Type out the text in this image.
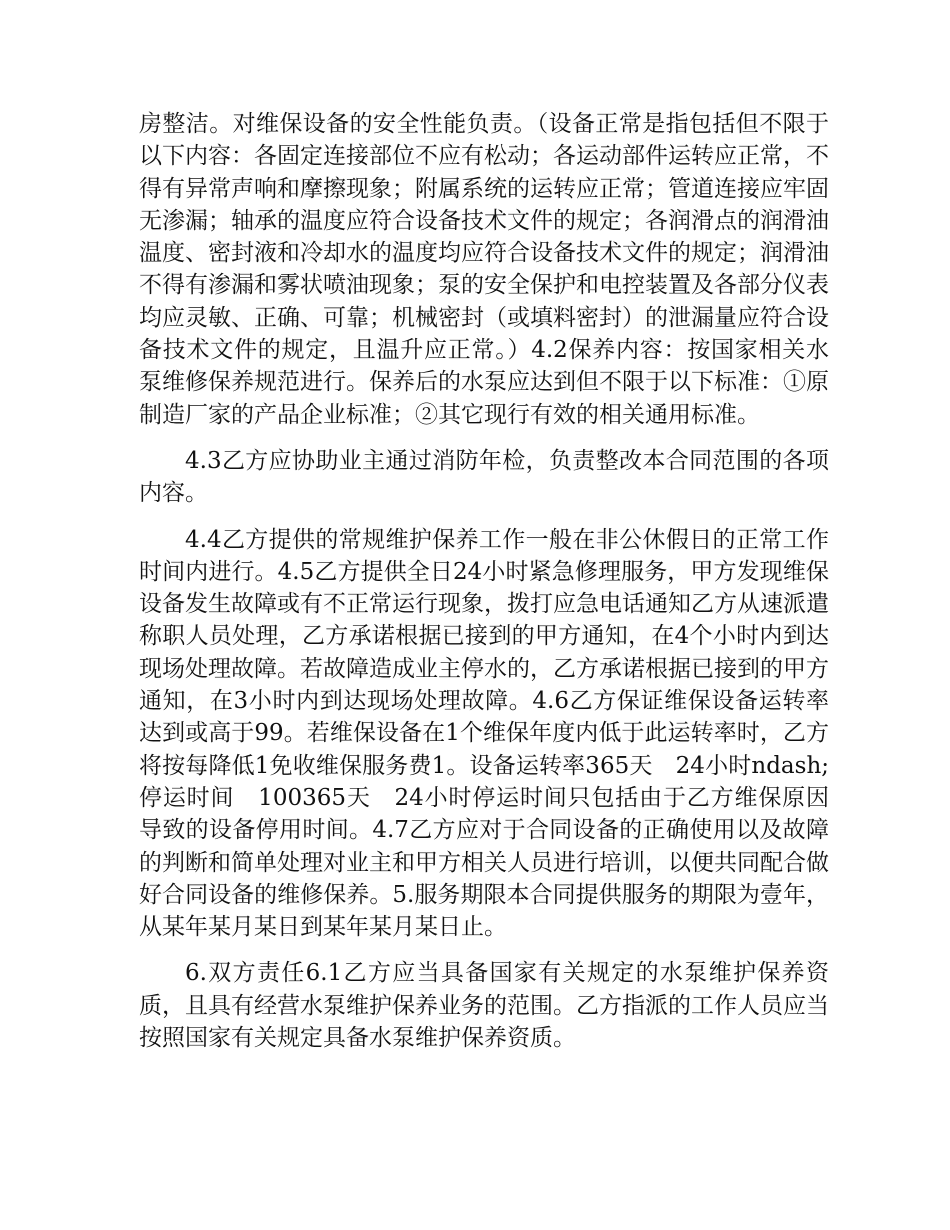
房整洁。对维保设备的安全性能负责。（设备正常是指包括但不限于以下内容：各固定连接部位不应有松动；各运动部件运转应正常，不得有异常声响和摩擦现象；附属系统的运转应正常；管道连接应牢固无渗漏；轴承的温度应符合设备技术文件的规定；各润滑点的润滑油温度、密封液和冷却水的温度均应符合设备技术文件的规定；润滑油不得有渗漏和雾状喷油现象；泵的安全保护和电控装置及各部分仪表均应灵敏、正确、可靠；机械密封（或填料密封）的泄漏量应符合设备技术文件的规定，且温升应正常。）4.2保养内容：按国家相关水泵维修保养规范进行。保养后的水泵应达到但不限于以下标准：①原制造厂家的产品企业标准；②其它现行有效的相关通用标准。

4.3乙方应协助业主通过消防年检，负责整改本合同范围的各项内容。

4.4乙方提供的常规维护保养工作一般在非公休假日的正常工作时间内进行。4.5乙方提供全日24小时紧急修理服务，甲方发现维保设备发生故障或有不正常运行现象，拨打应急电话通知乙方从速派遣称职人员处理，乙方承诺根据已接到的甲方通知，在4个小时内到达现场处理故障。若故障造成业主停水的，乙方承诺根据已接到的甲方通知，在3小时内到达现场处理故障。4.6乙方保证维保设备运转率达到或高于99。若维保设备在1个维保年度内低于此运转率时，乙方将按每降低1免收维保服务费1。设备运转率365天　24小时ndash;停运时间　100365天　24小时停运时间只包括由于乙方维保原因导致的设备停用时间。4.7乙方应对于合同设备的正确使用以及故障的判断和简单处理对业主和甲方相关人员进行培训，以便共同配合做好合同设备的维修保养。5.服务期限本合同提供服务的期限为壹年，从某年某月某日到某年某月某日止。

6.双方责任6.1乙方应当具备国家有关规定的水泵维护保养资质，且具有经营水泵维护保养业务的范围。乙方指派的工作人员应当按照国家有关规定具备水泵维护保养资质。
